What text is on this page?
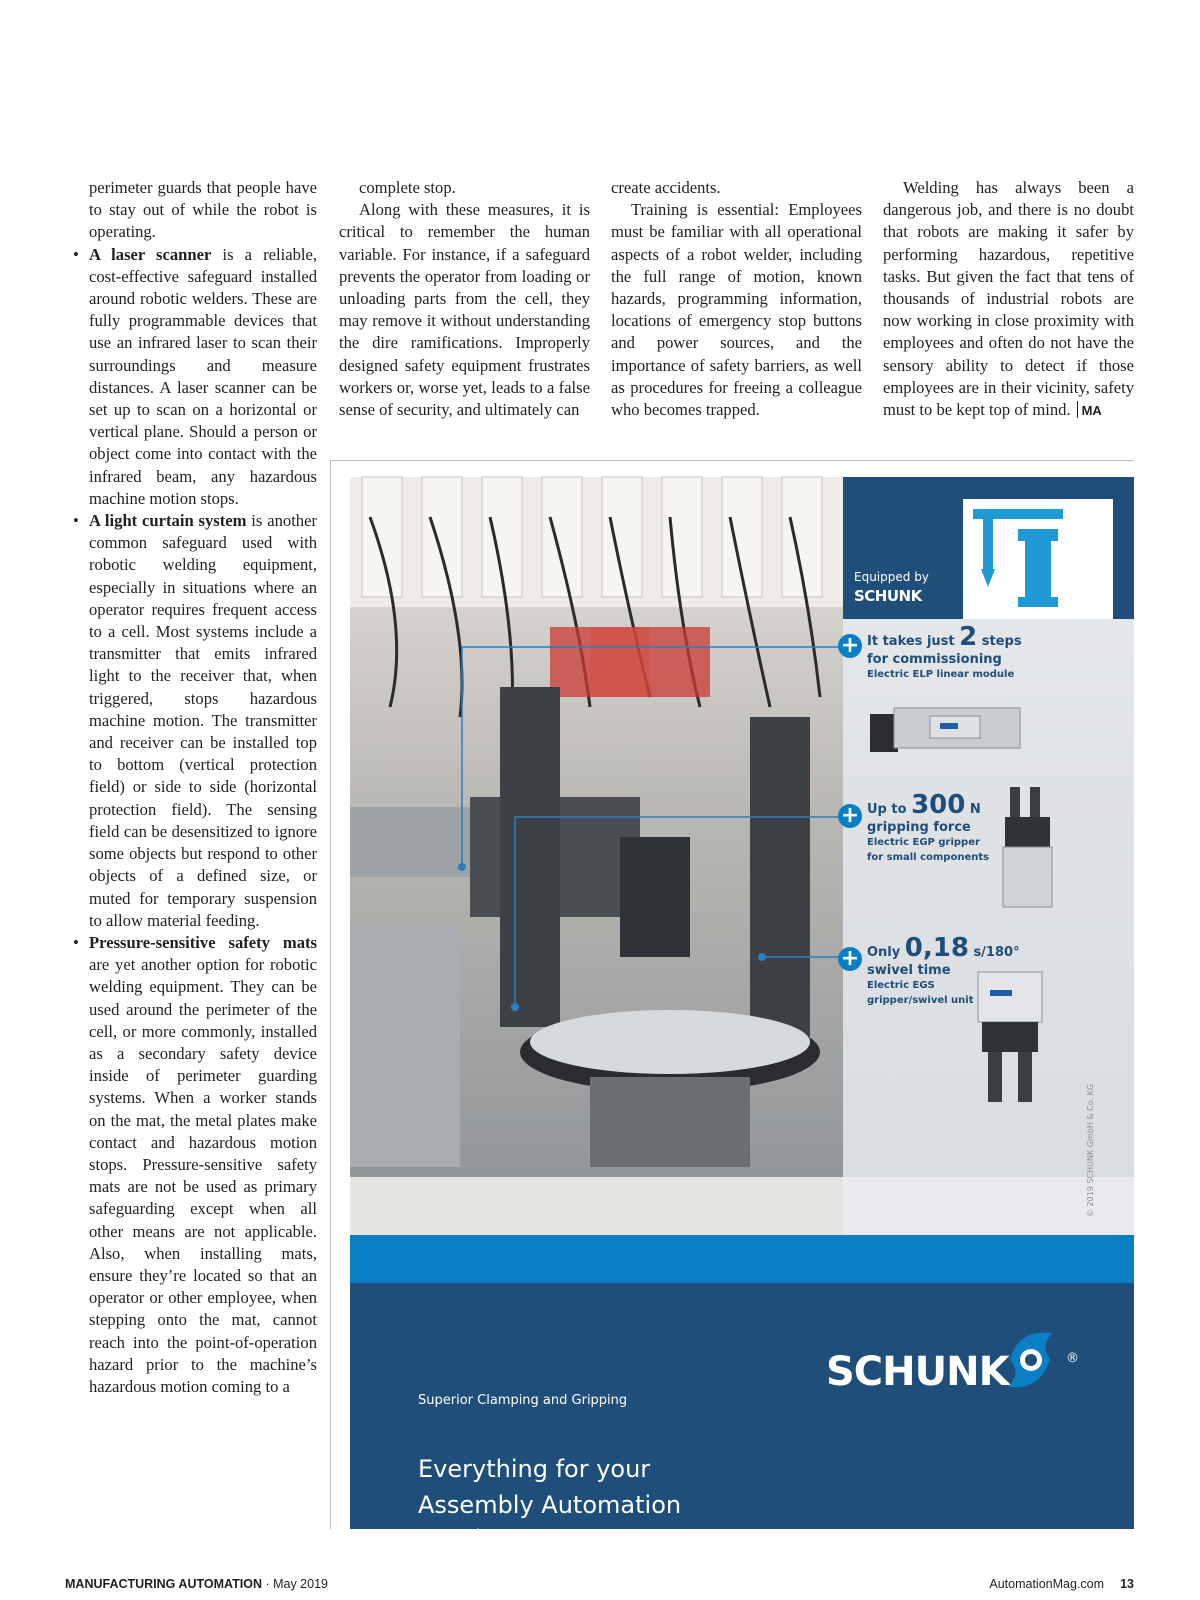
perimeter guards that people have to stay out of while the robot is operating.

• A laser scanner is a reliable, cost-effective safeguard installed around robotic welders. These are fully programmable devices that use an infrared laser to scan their surroundings and measure distances. A laser scanner can be set up to scan on a horizontal or vertical plane. Should a person or object come into contact with the infrared beam, any hazardous machine motion stops.

• A light curtain system is another common safeguard used with robotic welding equipment, especially in situations where an operator requires frequent access to a cell. Most systems include a transmitter that emits infrared light to the receiver that, when triggered, stops hazardous machine motion. The transmitter and receiver can be installed top to bottom (vertical protection field) or side to side (horizontal protection field). The sensing field can be desensitized to ignore some objects but respond to other objects of a defined size, or muted for temporary suspension to allow material feeding.

• Pressure-sensitive safety mats are yet another option for robotic welding equipment. They can be used around the perimeter of the cell, or more commonly, installed as a secondary safety device inside of perimeter guarding systems. When a worker stands on the mat, the metal plates make contact and hazardous motion stops. Pressure-sensitive safety mats are not be used as primary safeguarding except when all other means are not applicable. Also, when installing mats, ensure they’re located so that an operator or other employee, when stepping onto the mat, cannot reach into the point-of-operation hazard prior to the machine’s hazardous motion coming to a

complete stop.

Along with these measures, it is critical to remember the human variable. For instance, if a safeguard prevents the operator from loading or unloading parts from the cell, they may remove it without understanding the dire ramifications. Improperly designed safety equipment frustrates workers or, worse yet, leads to a false sense of security, and ultimately can

create accidents.

Training is essential: Employees must be familiar with all operational aspects of a robot welder, including the full range of motion, known hazards, programming information, locations of emergency stop buttons and power sources, and the importance of safety barriers, as well as procedures for freeing a colleague who becomes trapped.

Welding has always been a dangerous job, and there is no doubt that robots are making it safer by performing hazardous, repetitive tasks. But given the fact that tens of thousands of industrial robots are now working in close proximity with employees and often do not have the sensory ability to detect if those employees are in their vicinity, safety must to be kept top of mind. MA

Equipped by
SCHUNK
+ It takes just 2 steps
for commissioning
Electric ELP linear module
+ Up to 300 N
gripping force
Electric EGP gripper
for small components
+ Only 0,18 s/180°
swivel time
Electric EGS
gripper/swivel unit
© 2019 SCHUNK GmbH & Co. KG
Superior Clamping and Gripping
Everything for your
Assembly Automation
More than 10,000 components.
Now NEW: The 24 V mechatronic program.
SCHUNK	®
schunk.com/equipped-by
MANUFACTURING AUTOMATION · May 2019	AutomationMag.com 13
